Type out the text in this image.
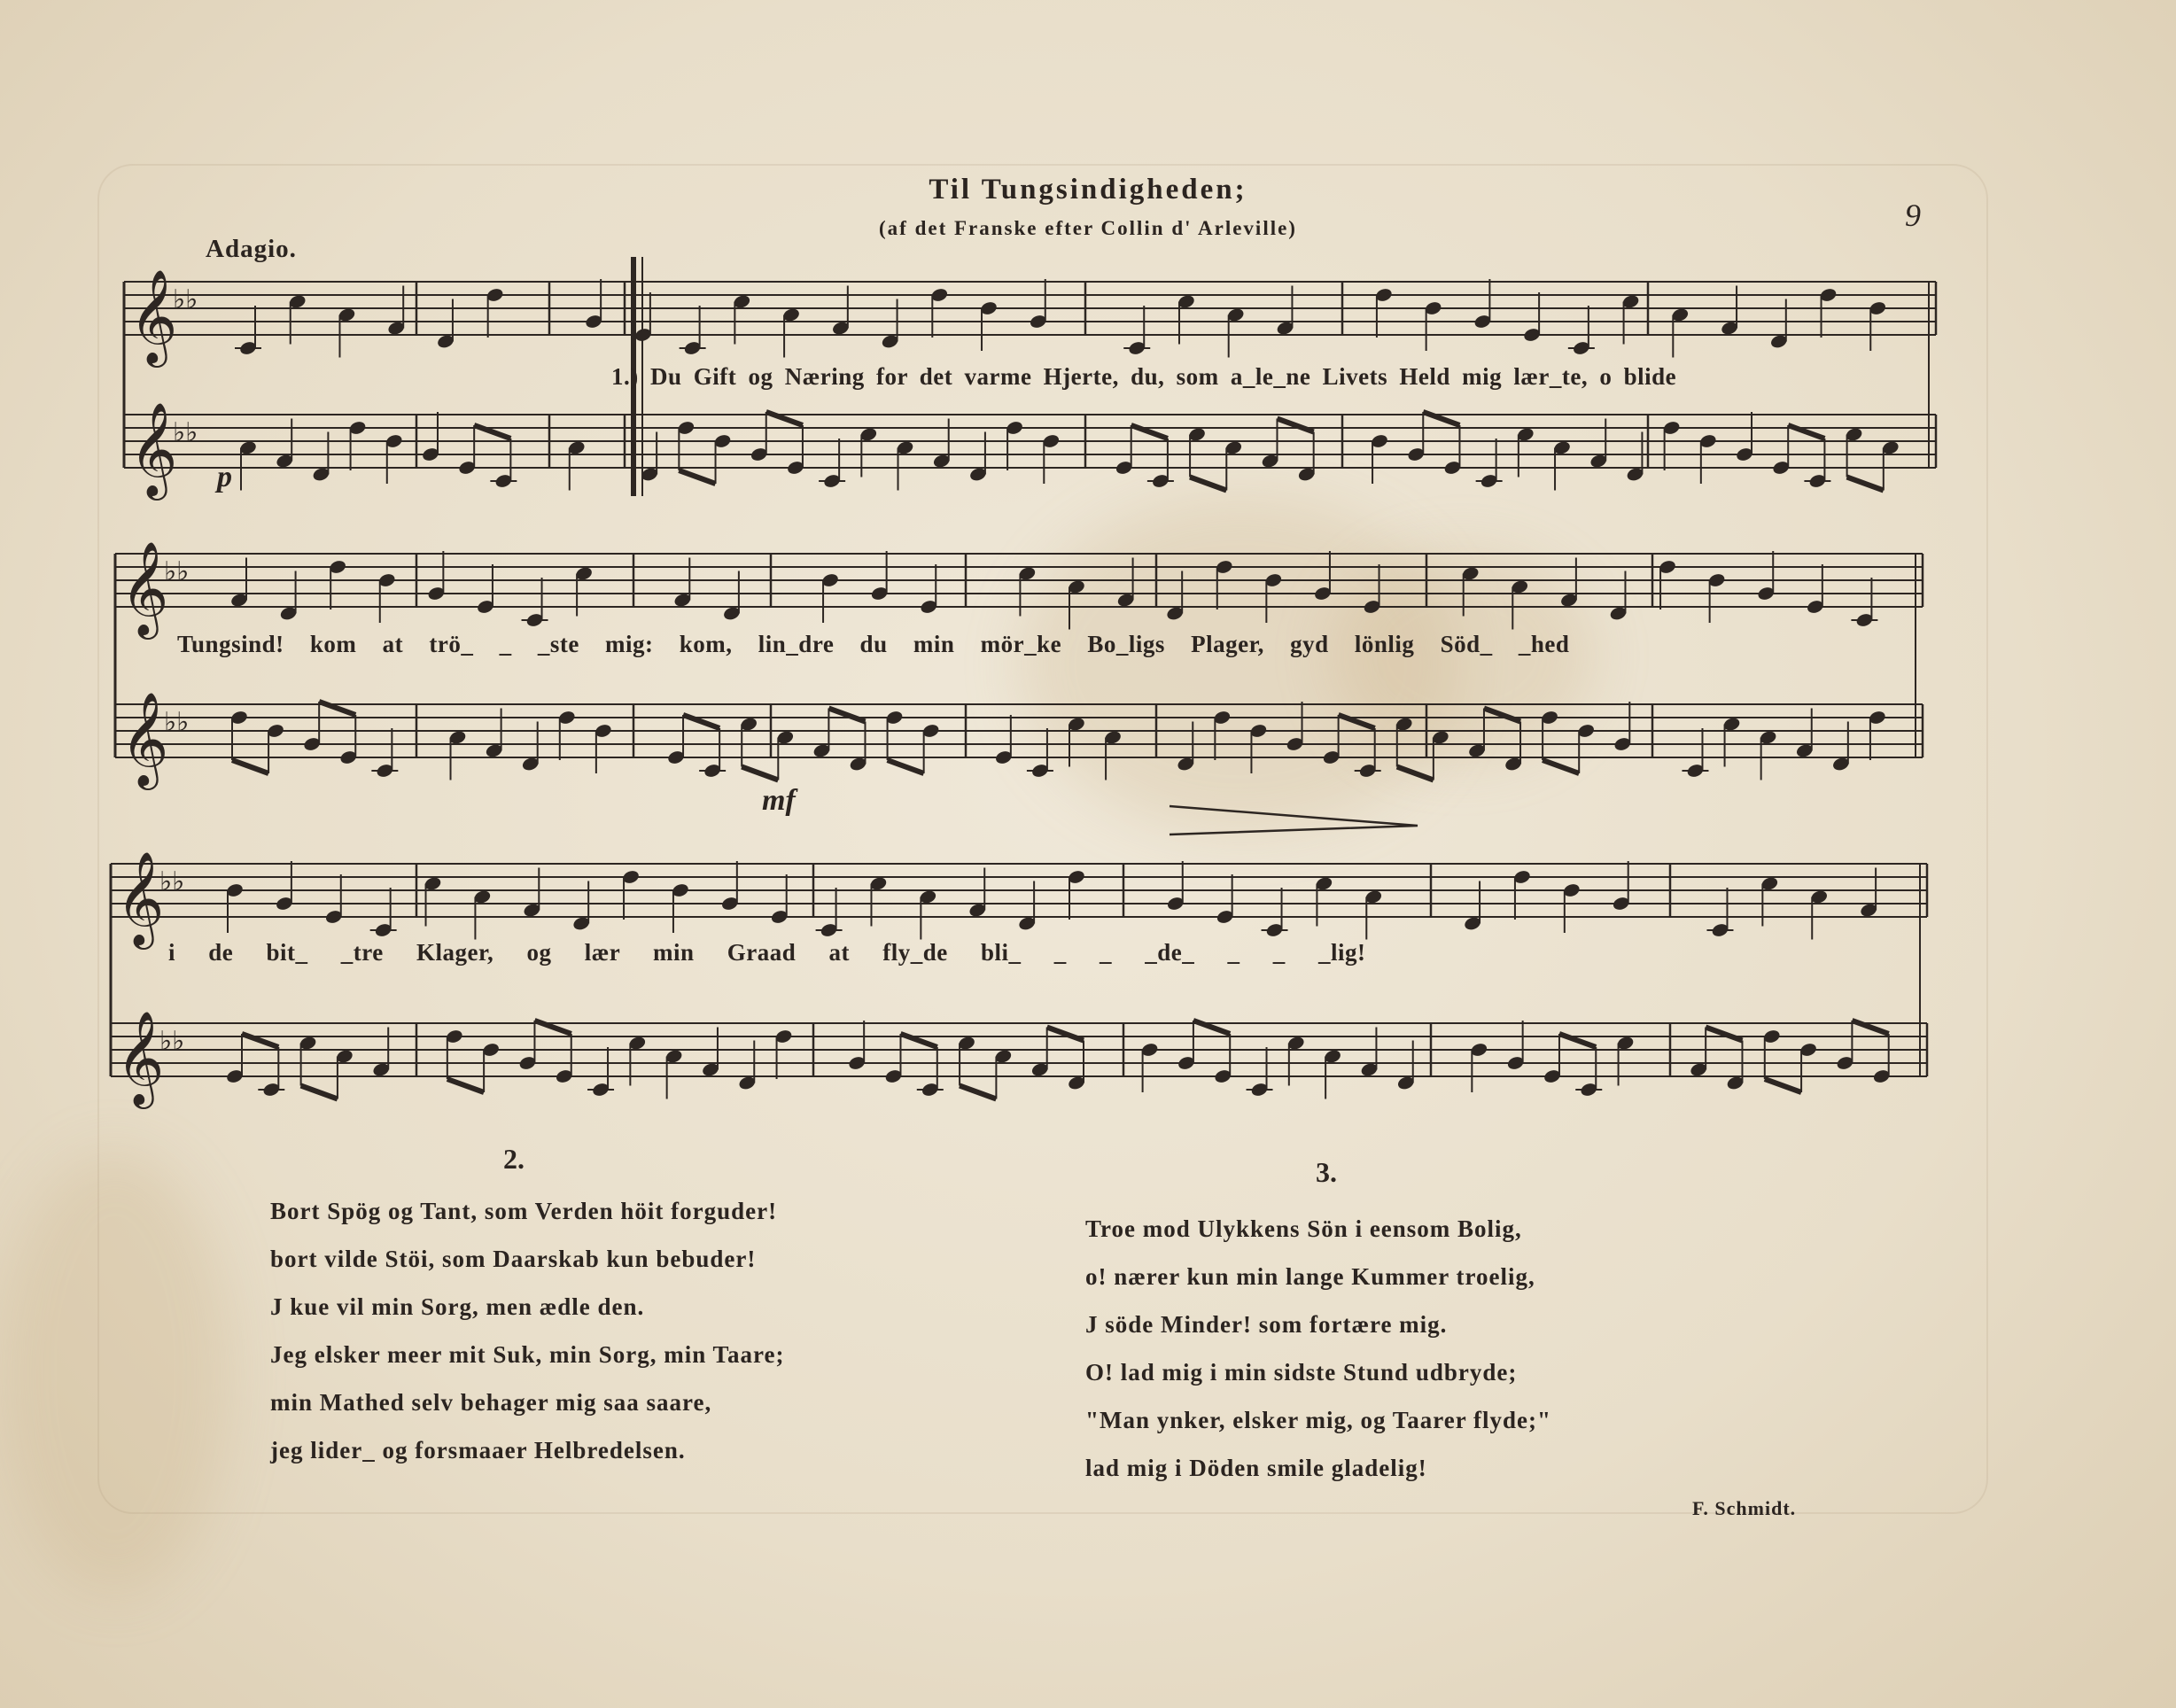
Til Tungsindigheden;
(af det Franske efter Collin d' Arleville)	9
Adagio.
𝄞
♭♭
𝄞
♭♭
𝄞
♭♭
𝄞
♭♭
𝄞
♭♭
𝄞
♭♭
1.) Du Gift og Næring for det varme Hjerte, du, som a_le_ne Livets Held mig lær_te, o blide
Tungsind! kom at trö_ _ _ste mig: kom, lin_dre du min mör_ke Bo_ligs Plager, gyd lönlig Söd_ _hed
i de bit_ _tre Klager, og lær min Graad at fly_de bli_ _ _ _de_ _ _ _lig!
p
mf
2.
Bort Spög og Tant, som Verden höit forguder!
bort vilde Stöi, som Daarskab kun bebuder!
J kue vil min Sorg, men ædle den.
Jeg elsker meer mit Suk, min Sorg, min Taare;
min Mathed selv behager mig saa saare,
jeg lider_ og forsmaaer Helbredelsen.
3.
Troe mod Ulykkens Sön i eensom Bolig,
o! nærer kun min lange Kummer troelig,
J söde Minder! som fortære mig.
O! lad mig i min sidste Stund udbryde;
"Man ynker, elsker mig, og Taarer flyde;"
lad mig i Döden smile gladelig!
F. Schmidt.
